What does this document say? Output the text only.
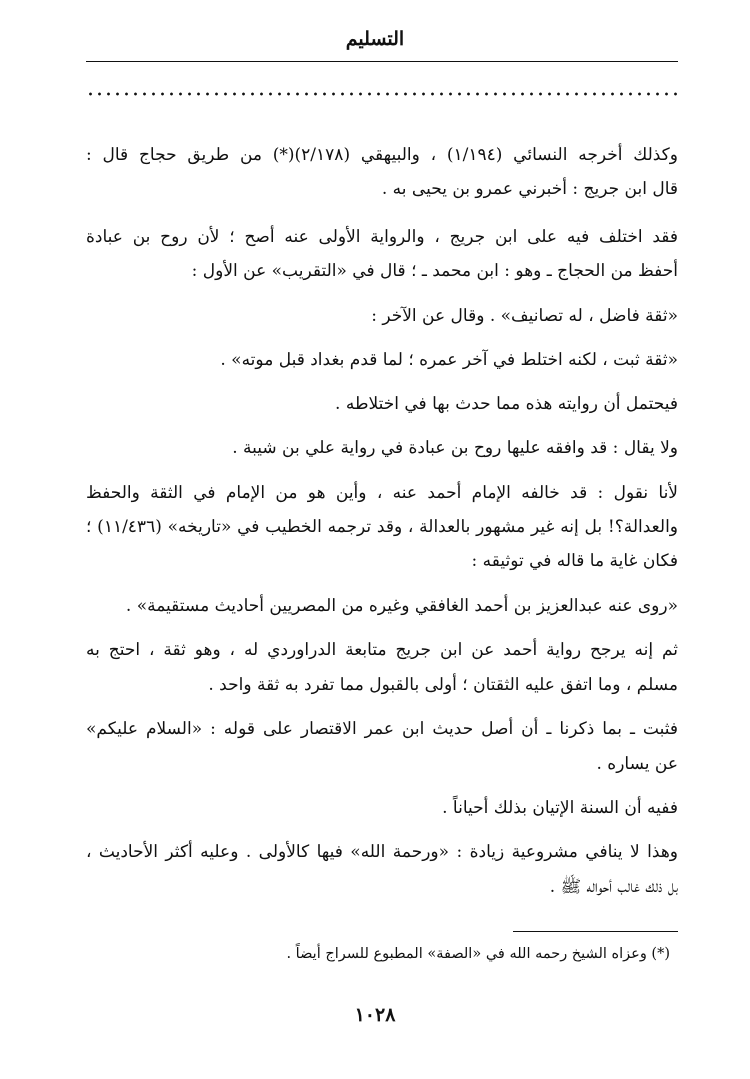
التسليم
وكذلك أخرجه النسائي (١/١٩٤) ، والبيهقي (٢/١٧٨)(*) من طريق حجاج قال :
قال ابن جريج : أخبرني عمرو بن يحيى به .
فقد اختلف فيه على ابن جريج ، والرواية الأولى عنه أصح ؛ لأن روح بن عبادة
أحفظ من الحجاج ـ وهو : ابن محمد ـ ؛ قال في «التقريب» عن الأول :
«ثقة فاضل ، له تصانيف» . وقال عن الآخر :
«ثقة ثبت ، لكنه اختلط في آخر عمره ؛ لما قدم بغداد قبل موته» .
فيحتمل أن روايته هذه مما حدث بها في اختلاطه .
ولا يقال : قد وافقه عليها روح بن عبادة في رواية علي بن شيبة .
لأنا نقول : قد خالفه الإمام أحمد عنه ، وأين هو من الإمام في الثقة والحفظ
والعدالة؟! بل إنه غير مشهور بالعدالة ، وقد ترجمه الخطيب في «تاريخه» (١١/٤٣٦) ؛
فكان غاية ما قاله في توثيقه :
«روى عنه عبدالعزيز بن أحمد الغافقي وغيره من المصريين أحاديث مستقيمة» .
ثم إنه يرجح رواية أحمد عن ابن جريج متابعة الدراوردي له ، وهو ثقة ، احتج به
مسلم ، وما اتفق عليه الثقتان ؛ أولى بالقبول مما تفرد به ثقة واحد .
فثبت ـ بما ذكرنا ـ أن أصل حديث ابن عمر الاقتصار على قوله : «السلام عليكم»
عن يساره .
ففيه أن السنة الإتيان بذلك أحياناً .
وهذا لا ينافي مشروعية زيادة : «ورحمة الله» فيها كالأولى . وعليه أكثر الأحاديث ،
بل ذلك غالب أحواله ﷺ .
(*) وعزاه الشيخ رحمه الله في «الصفة» المطبوع للسراج أيضاً .
١٠٢٨
